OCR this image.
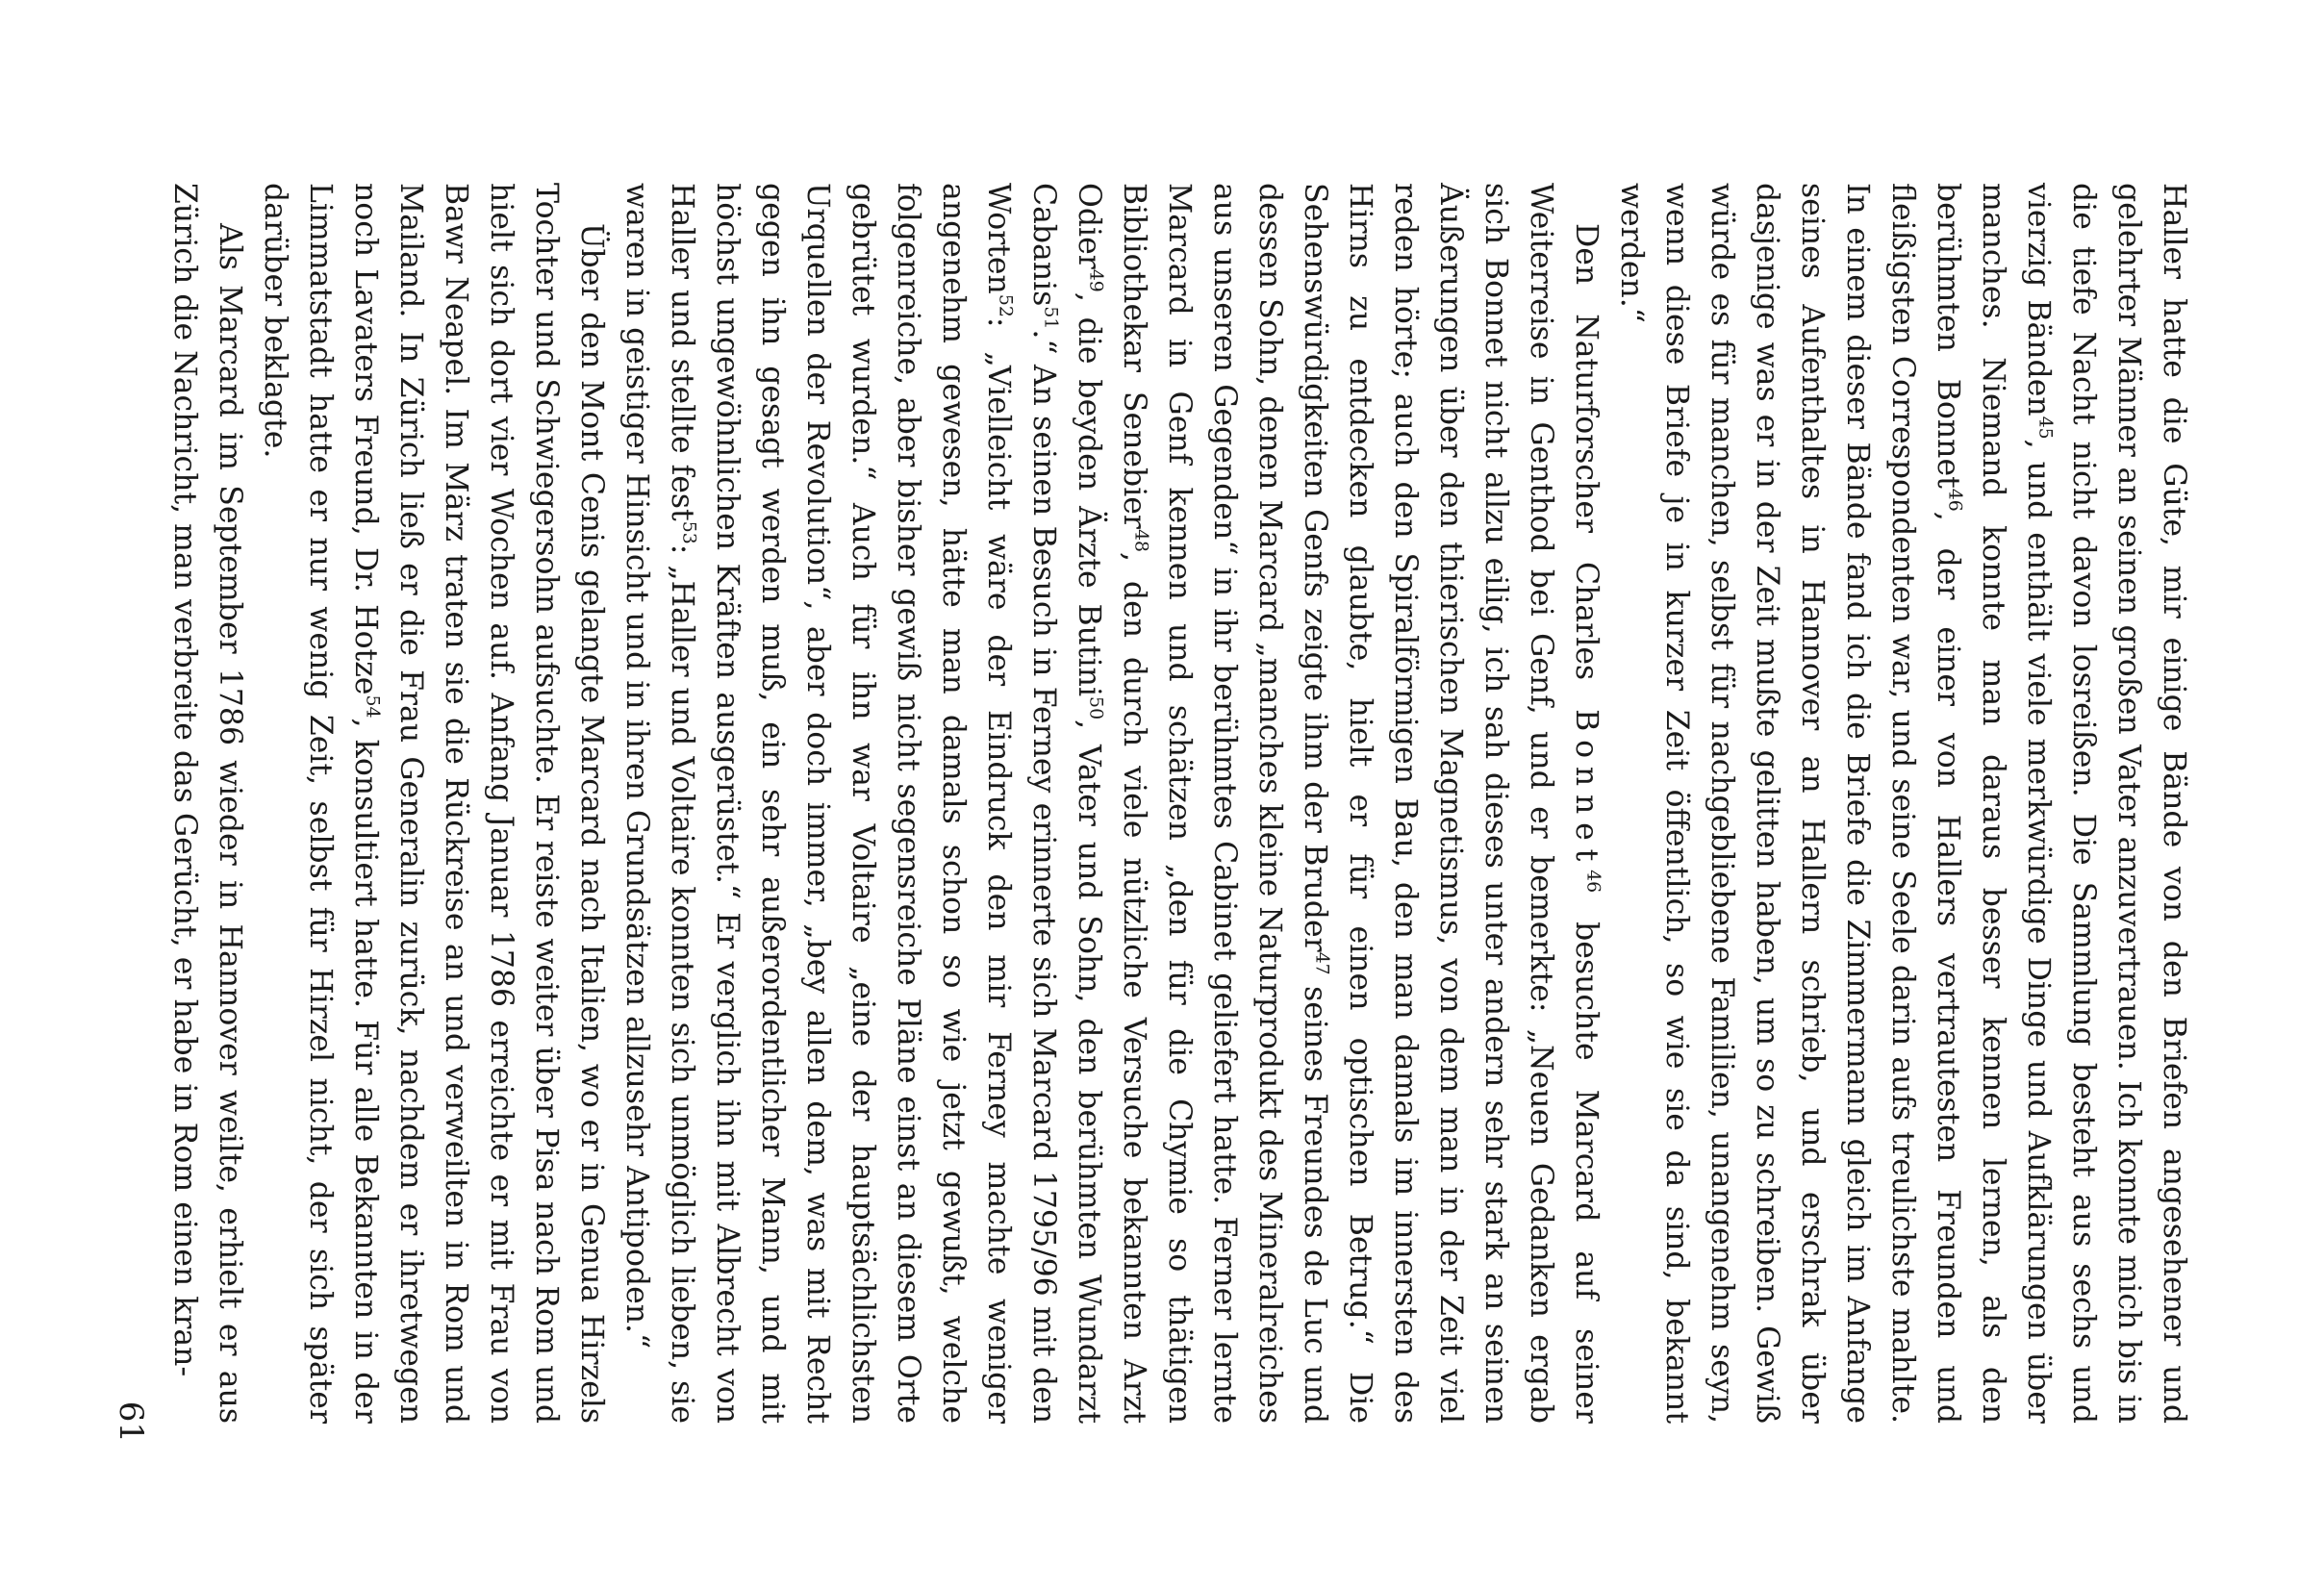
Haller hatte die Güte, mir einige Bände von den Briefen angesehener und gelehrter Männer an seinen großen Vater anzuvertrauen. Ich konnte mich bis in die tiefe Nacht nicht davon losreißen. Die Sammlung besteht aus sechs und vierzig Bänden$^{45}$, und enthält viele merkwürdige Dinge und Aufklärungen über manches. Niemand konnte man daraus besser kennen lernen, als den berühmten Bonnet$^{46}$, der einer von Hallers vertrautesten Freunden und fleißigsten Correspondenten war, und seine Seele darin aufs treulichste mahlte. In einem dieser Bände fand ich die Briefe die Zimmermann gleich im Anfange seines Aufenthaltes in Hannover an Hallern schrieb, und erschrak über dasjenige was er in der Zeit mußte gelitten haben, um so zu schreiben. Gewiß würde es für manchen, selbst für nachgebliebene Familien, unangenehm seyn, wenn diese Briefe je in kurzer Zeit öffentlich, so wie sie da sind, bekannt werden.“

Den Naturforscher Charles Bonnet$^{46}$ besuchte Marcard auf seiner Weiterreise in Genthod bei Genf, und er bemerkte: „Neuen Gedanken ergab sich Bonnet nicht allzu eilig, ich sah dieses unter andern sehr stark an seinen Äußerungen über den thierischen Magnetismus, von dem man in der Zeit viel reden hörte; auch den Spiralförmigen Bau, den man damals im innersten des Hirns zu entdecken glaubte, hielt er für einen optischen Betrug.“ Die Sehenswürdigkeiten Genfs zeigte ihm der Bruder$^{47}$ seines Freundes de Luc und dessen Sohn, denen Marcard „manches kleine Naturprodukt des Mineralreiches aus unseren Gegenden“ in ihr berühmtes Cabinet geliefert hatte. Ferner lernte Marcard in Genf kennen und schätzen „den für die Chymie so thätigen Bibliothekar Senebier$^{48}$, den durch viele nützliche Versuche bekannten Arzt Odier$^{49}$, die beyden Ärzte Butini$^{50}$, Vater und Sohn, den berühmten Wundarzt Cabanis$^{51}$.“ An seinen Besuch in Ferney erinnerte sich Marcard 1795/96 mit den Worten$^{52}$: „Vielleicht wäre der Eindruck den mir Ferney machte weniger angenehm gewesen, hätte man damals schon so wie jetzt gewußt, welche folgenreiche, aber bisher gewiß nicht segensreiche Pläne einst an diesem Orte gebrütet wurden.“ Auch für ihn war Voltaire „eine der hauptsächlichsten Urquellen der Revolution“, aber doch immer, „bey allen dem, was mit Recht gegen ihn gesagt werden muß, ein sehr außerordentlicher Mann, und mit höchst ungewöhnlichen Kräften ausgerüstet.“ Er verglich ihn mit Albrecht von Haller und stellte fest$^{53}$: „Haller und Voltaire konnten sich unmöglich lieben, sie waren in geistiger Hinsicht und in ihren Grundsätzen allzusehr Antipoden.“

Über den Mont Cenis gelangte Marcard nach Italien, wo er in Genua Hirzels Tochter und Schwiegersohn aufsuchte. Er reiste weiter über Pisa nach Rom und hielt sich dort vier Wochen auf. Anfang Januar 1786 erreichte er mit Frau von Bawr Neapel. Im März traten sie die Rückreise an und verweilten in Rom und Mailand. In Zürich ließ er die Frau Generalin zurück, nachdem er ihretwegen noch Lavaters Freund, Dr. Hotze$^{54}$, konsultiert hatte. Für alle Bekannten in der Limmatstadt hatte er nur wenig Zeit, selbst für Hirzel nicht, der sich später darüber beklagte.

Als Marcard im September 1786 wieder in Hannover weilte, erhielt er aus Zürich die Nachricht, man verbreite das Gerücht, er habe in Rom einen kran-

61
